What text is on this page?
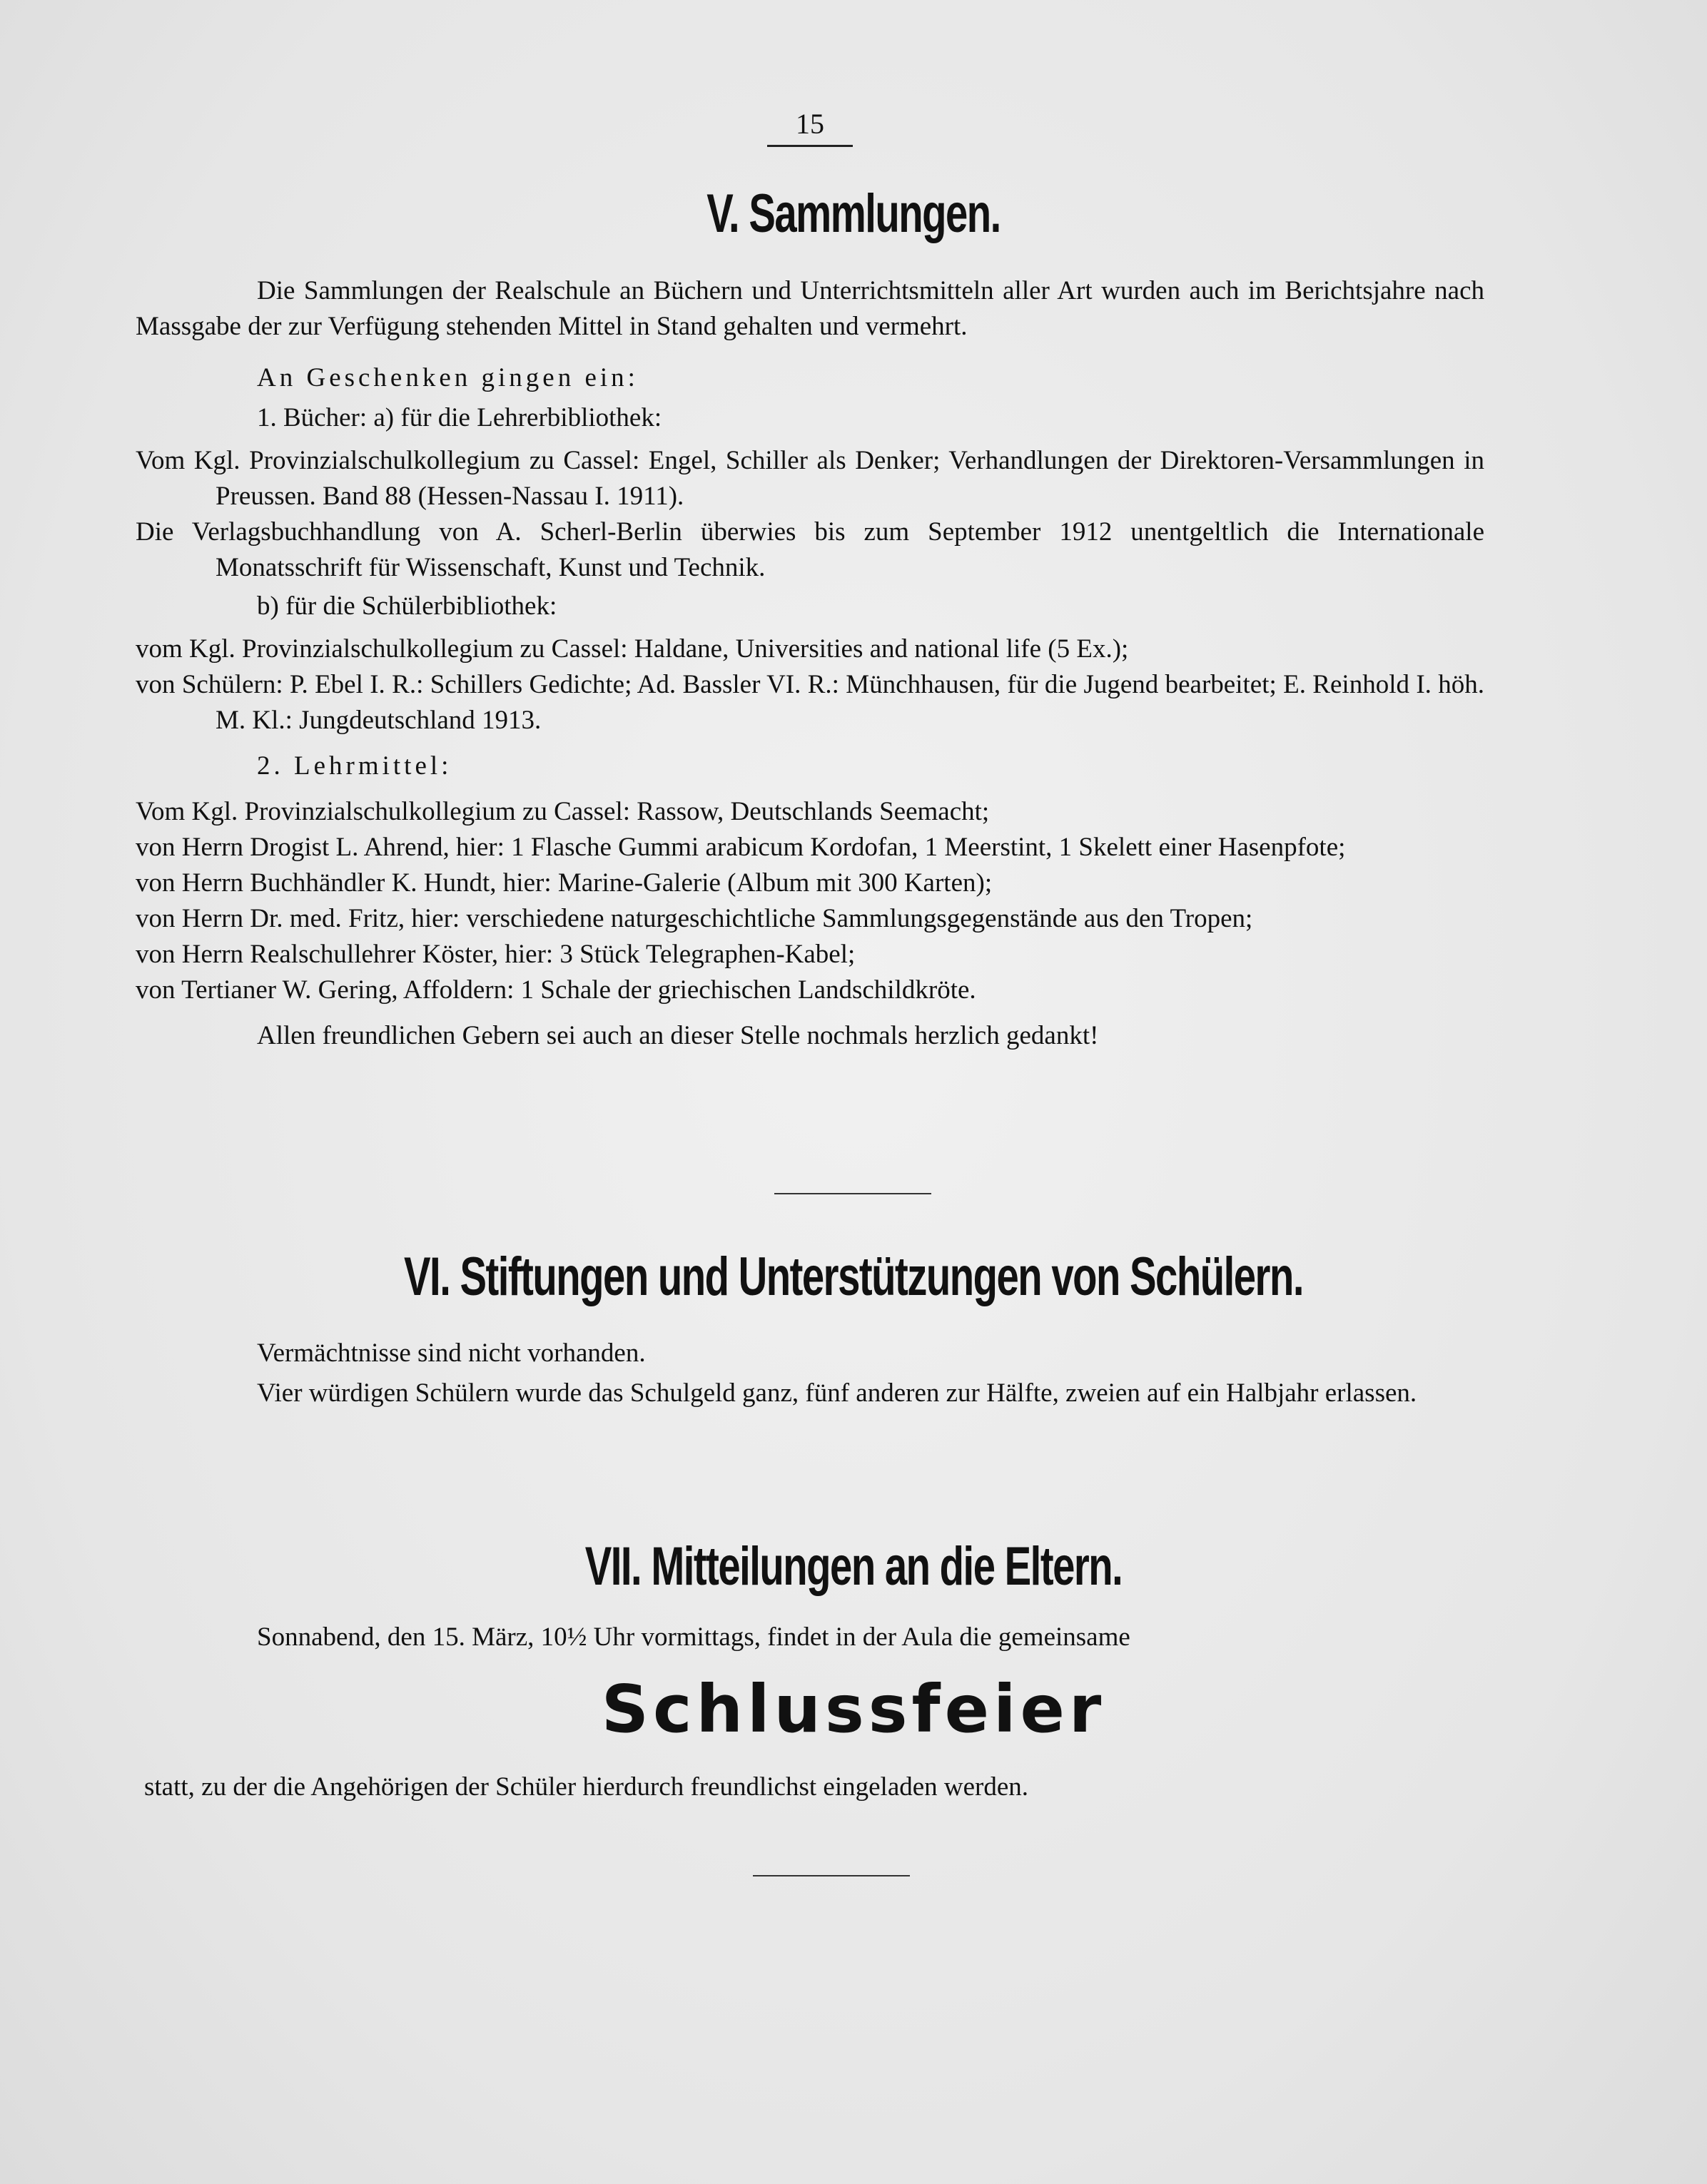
15
V. Sammlungen.

Die Sammlungen der Realschule an Büchern und Unterrichtsmitteln aller Art wurden auch im Berichtsjahre nach Massgabe der zur Verfügung stehenden Mittel in Stand gehalten und vermehrt.

An Geschenken gingen ein:

1. Bücher: a) für die Lehrerbibliothek:

Vom Kgl. Provinzialschulkollegium zu Cassel: Engel, Schiller als Denker; Verhandlungen der Direktoren-Versammlungen in Preussen. Band 88 (Hessen-Nassau I. 1911).

Die Verlagsbuchhandlung von A. Scherl-Berlin überwies bis zum September 1912 unentgeltlich die Internationale Monatsschrift für Wissenschaft, Kunst und Technik.

b) für die Schülerbibliothek:

vom Kgl. Provinzialschulkollegium zu Cassel: Haldane, Universities and national life (5 Ex.);

von Schülern: P. Ebel I. R.: Schillers Gedichte; Ad. Bassler VI. R.: Münchhausen, für die Jugend bearbeitet; E. Reinhold I. höh. M. Kl.: Jungdeutschland 1913.

2. Lehrmittel:

Vom Kgl. Provinzialschulkollegium zu Cassel: Rassow, Deutschlands Seemacht;

von Herrn Drogist L. Ahrend, hier: 1 Flasche Gummi arabicum Kordofan, 1 Meerstint, 1 Skelett einer Hasenpfote;

von Herrn Buchhändler K. Hundt, hier: Marine-Galerie (Album mit 300 Karten);

von Herrn Dr. med. Fritz, hier: verschiedene naturgeschichtliche Sammlungsgegenstände aus den Tropen;

von Herrn Realschullehrer Köster, hier: 3 Stück Telegraphen-Kabel;

von Tertianer W. Gering, Affoldern: 1 Schale der griechischen Landschildkröte.

Allen freundlichen Gebern sei auch an dieser Stelle nochmals herzlich gedankt!

VI. Stiftungen und Unterstützungen von Schülern.

Vermächtnisse sind nicht vorhanden.

Vier würdigen Schülern wurde das Schulgeld ganz, fünf anderen zur Hälfte, zweien auf ein Halbjahr erlassen.

VII. Mitteilungen an die Eltern.

Sonnabend, den 15. März, 10½ Uhr vormittags, findet in der Aula die gemeinsame

Schlussfeier

statt, zu der die Angehörigen der Schüler hierdurch freundlichst eingeladen werden.
